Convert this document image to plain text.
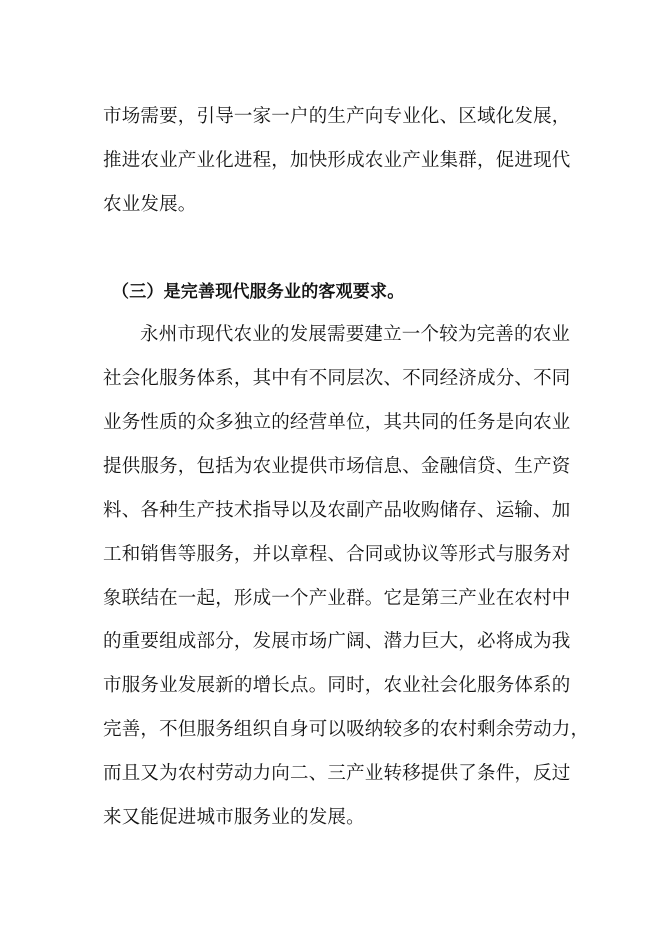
市场需要，引导一家一户的生产向专业化、区域化发展，
推进农业产业化进程，加快形成农业产业集群，促进现代
农业发展。
（三）是完善现代服务业的客观要求。
永州市现代农业的发展需要建立一个较为完善的农业
社会化服务体系，其中有不同层次、不同经济成分、不同
业务性质的众多独立的经营单位，其共同的任务是向农业
提供服务，包括为农业提供市场信息、金融信贷、生产资
料、各种生产技术指导以及农副产品收购储存、运输、加
工和销售等服务，并以章程、合同或协议等形式与服务对
象联结在一起，形成一个产业群。它是第三产业在农村中
的重要组成部分，发展市场广阔、潜力巨大，必将成为我
市服务业发展新的增长点。同时，农业社会化服务体系的
完善，不但服务组织自身可以吸纳较多的农村剩余劳动力，
而且又为农村劳动力向二、三产业转移提供了条件，反过
来又能促进城市服务业的发展。
